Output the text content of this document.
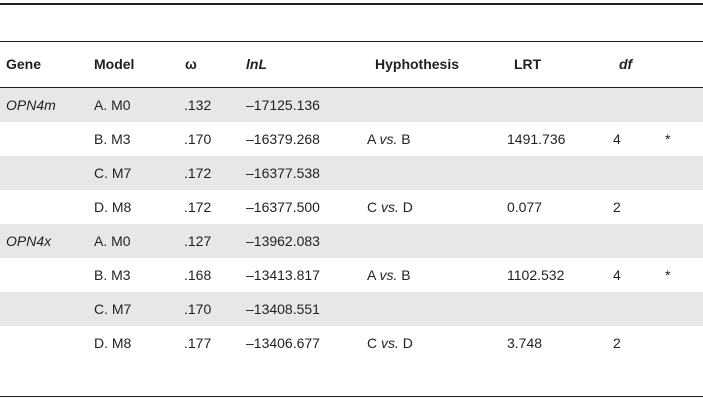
Gene	Model	ω	lnL	Hyphothesis	LRT	df
OPN4m	A. M0	.132	–17125.136				
	B. M3	.170	–16379.268	A vs. B	1491.736	4	*
	C. M7	.172	–16377.538				
	D. M8	.172	–16377.500	C vs. D	0.077	2	
OPN4x	A. M0	.127	–13962.083				
	B. M3	.168	–13413.817	A vs. B	1102.532	4	*
	C. M7	.170	–13408.551				
	D. M8	.177	–13406.677	C vs. D	3.748	2	
